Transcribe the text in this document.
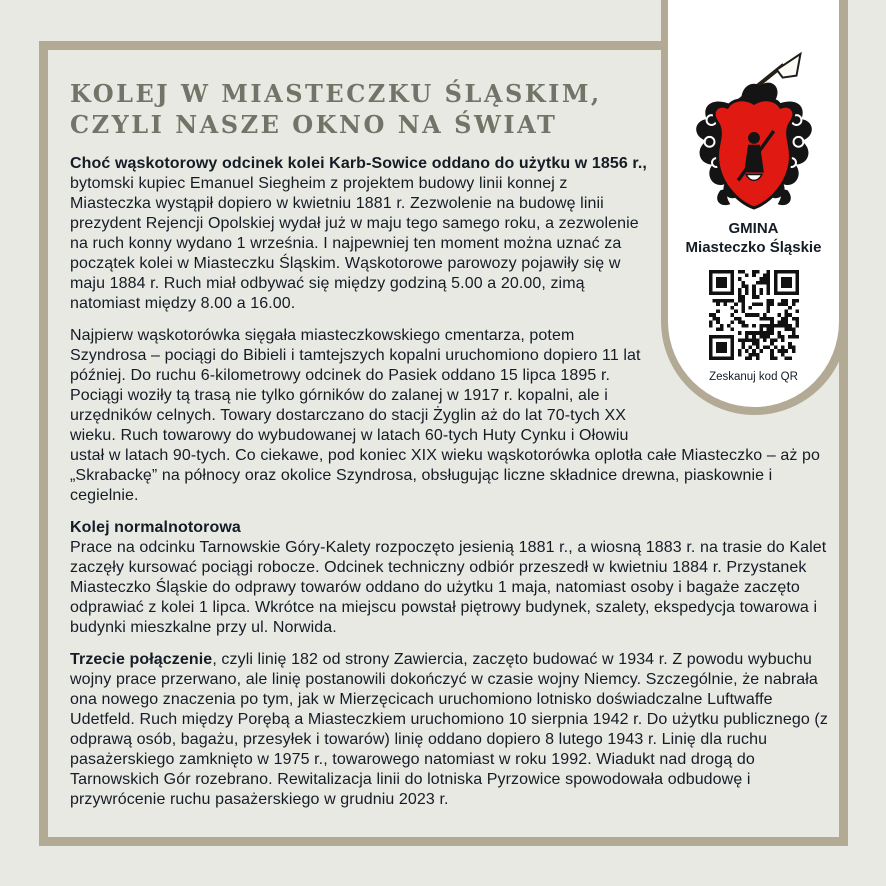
KOLEJ W MIASTECZKU ŚLĄSKIM,
CZYLI NASZE OKNO NA ŚWIAT

Choć wąskotorowy odcinek kolei Karb-Sowice oddano do użytku w 1856 r., bytomski kupiec Emanuel Siegheim z projektem budowy linii konnej z Miasteczka wystąpił dopiero w kwietniu 1881 r. Zezwolenie na budowę linii prezydent Rejencji Opolskiej wydał już w maju tego samego roku, a zezwolenie na ruch konny wydano 1 września. I najpewniej ten moment można uznać za początek kolei w Miasteczku Śląskim. Wąskotorowe parowozy pojawiły się w maju 1884 r. Ruch miał odbywać się między godziną 5.00 a 20.00, zimą natomiast między 8.00 a 16.00.

Najpierw wąskotorówka sięgała miasteczkowskiego cmentarza, potem Szyndrosa – pociągi do Bibieli i tamtejszych kopalni uruchomiono dopiero 11 lat później. Do ruchu 6-kilometrowy odcinek do Pasiek oddano 15 lipca 1895 r. Pociągi woziły tą trasą nie tylko górników do zalanej w 1917 r. kopalni, ale i urzędników celnych. Towary dostarczano do stacji Żyglin aż do lat 70-tych XX wieku. Ruch towarowy do wybudowanej w latach 60-tych Huty Cynku i Ołowiu ustał w latach 90-tych. Co ciekawe, pod koniec XIX wieku wąskotorówka oplotła całe Miasteczko – aż po „Skrabackę” na północy oraz okolice Szyndrosa, obsługując liczne składnice drewna, piaskownie i cegielnie.

Kolej normalnotorowa
Prace na odcinku Tarnowskie Góry-Kalety rozpoczęto jesienią 1881 r., a wiosną 1883 r. na trasie do Kalet zaczęły kursować pociągi robocze. Odcinek techniczny odbiór przeszedł w kwietniu 1884 r. Przystanek Miasteczko Śląskie do odprawy towarów oddano do użytku 1 maja, natomiast osoby i bagaże zaczęto odprawiać z kolei 1 lipca. Wkrótce na miejscu powstał piętrowy budynek, szalety, ekspedycja towarowa i budynki mieszkalne przy ul. Norwida.

Trzecie połączenie, czyli linię 182 od strony Zawiercia, zaczęto budować w 1934 r. Z powodu wybuchu wojny prace przerwano, ale linię postanowili dokończyć w czasie wojny Niemcy. Szczególnie, że nabrała ona nowego znaczenia po tym, jak w Mierzęcicach uruchomiono lotnisko doświadczalne Luftwaffe Udetfeld. Ruch między Porębą a Miasteczkiem uruchomiono 10 sierpnia 1942 r. Do użytku publicznego (z odprawą osób, bagażu, przesyłek i towarów) linię oddano dopiero 8 lutego 1943 r. Linię dla ruchu pasażerskiego zamknięto w 1975 r., towarowego natomiast w roku 1992. Wiadukt nad drogą do Tarnowskich Gór rozebrano. Rewitalizacja linii do lotniska Pyrzowice spowodowała odbudowę i przywrócenie ruchu pasażerskiego w grudniu 2023 r.

GMINA
Miasteczko Śląskie
Zeskanuj kod QR
